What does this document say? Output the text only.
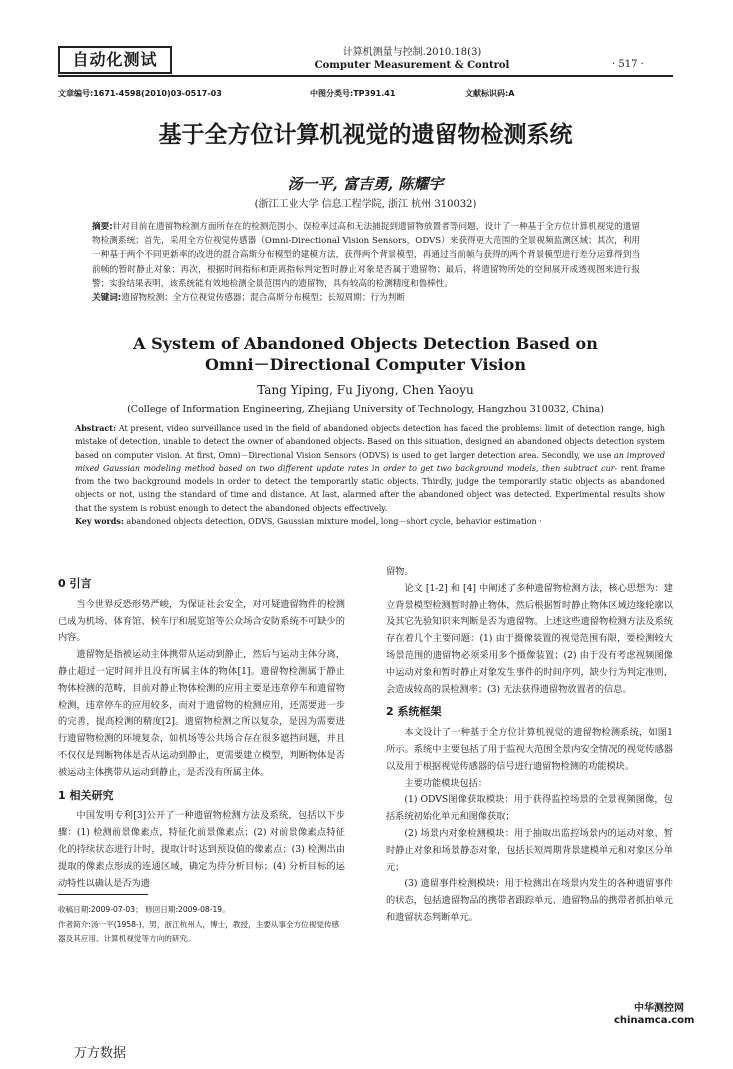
自动化测试	计算机测量与控制.2010.18(3)
Computer Measurement & Control	· 517 ·
文章编号:1671-4598(2010)03-0517-03	中图分类号:TP391.41	文献标识码:A
基于全方位计算机视觉的遗留物检测系统
汤一平, 富吉勇, 陈耀宇
(浙江工业大学 信息工程学院, 浙江 杭州 310032)
摘要:针对目前在遗留物检测方面所存在的检测范围小、误检率过高和无法捕捉到遗留物放置者等问题，设计了一种基于全方位计算机视觉的遗留物检测系统；首先，采用全方位视觉传感器（Omni-Directional Vision Sensors，ODVS）来获得更大范围的全景视频监测区域；其次，利用一种基于两个不同更新率的改进的混合高斯分布模型的建模方法，获得两个背景模型，再通过当前帧与获得的两个背景模型进行差分运算得到当前帧的暂时静止对象；再次，根据时间指标和距离指标判定暂时静止对象是否属于遗留物；最后，将遗留物所处的空间展开成透视图来进行报警；实验结果表明，该系统能有效地检测全景范围内的遗留物，具有较高的检测精度和鲁棒性。
关键词:遗留物检测；全方位视觉传感器；混合高斯分布模型；长短周期；行为判断
A System of Abandoned Objects Detection Based on
Omni－Directional Computer Vision
Tang Yiping, Fu Jiyong, Chen Yaoyu
(College of Information Engineering, Zhejiang University of Technology, Hangzhou 310032, China)
Abstract: At present, video surveillance used in the field of abandoned objects detection has faced the problems: limit of detection range, high mistake of detection, unable to detect the owner of abandoned objects. Based on this situation, designed an abandoned objects detection system based on computer vision. At first, Omni－Directional Vision Sensors (ODVS) is used to get larger detection area. Secondly, we use an improved mixed Gaussian modeling method based on two different update rates in order to get two background models, then subtract cur- rent frame from the two background models in order to detect the temporarily static objects. Thirdly, judge the temporarily static objects as abandoned objects or not, using the standard of time and distance. At last, alarmed after the abandoned object was detected. Experimental results show that the system is robust enough to detect the abandoned objects effectively.
Key words: abandoned objects detection, ODVS, Gaussian mixture model, long－short cycle, behavior estimation ·
0 引言

当今世界反恐形势严峻，为保证社会安全，对可疑遗留物件的检测已成为机场、体育馆、候车厅和展览馆等公众场合安防系统不可缺少的内容。

遗留物是指被运动主体携带从运动到静止，然后与运动主体分离，静止超过一定时间并且没有所属主体的物体[1]。遗留物检测属于静止物体检测的范畴，目前对静止物体检测的应用主要是违章停车和遗留物检测，违章停车的应用较多，而对于遗留物的检测应用，还需要进一步的完善，提高检测的精度[2]。遗留物检测之所以复杂，是因为需要进行遗留物检测的环境复杂，如机场等公共场合存在很多遮挡问题，并且不仅仅是判断物体是否从运动到静止，更需要建立模型，判断物体是否被运动主体携带从运动到静止，是否没有所属主体。

1 相关研究

中国发明专利[3]公开了一种遗留物检测方法及系统，包括以下步骤：(1) 检测前景像素点，特征化前景像素点；(2) 对前景像素点特征化的持续状态进行计时，提取计时达到预设值的像素点；(3) 检测出由提取的像素点形成的连通区域，确定为待分析目标；(4) 分析目标的运动特性以确认是否为遗

收稿日期:2009-07-03； 修回日期:2009-08-19。

作者简介:汤一平(1958-)，男，浙江杭州人，博士，教授，主要从事全方位视觉传感器及其应用、计算机视觉等方向的研究。

留物。

论文 [1-2] 和 [4] 中阐述了多种遗留物检测方法，核心思想为：建立背景模型检测暂时静止物体，然后根据暂时静止物体区域边缘轮廓以及其它先验知识来判断是否为遗留物。上述这些遗留物检测方法及系统存在着几个主要问题：(1) 由于摄像装置的视觉范围有限，要检测较大场景范围的遗留物必须采用多个摄像装置；(2) 由于没有考虑视频图像中运动对象和暂时静止对象发生事件的时间序列，缺少行为判定准则，会造成较高的误检测率；(3) 无法获得遗留物放置者的信息。

2 系统框架

本文设计了一种基于全方位计算机视觉的遗留物检测系统，如图1所示。系统中主要包括了用于监视大范围全景内安全情况的视觉传感器以及用于根据视觉传感器的信号进行遗留物检测的功能模块。

主要功能模块包括：

(1) ODVS图像获取模块：用于获得监控场景的全景视频图像，包括系统初始化单元和图像获取；

(2) 场景内对象检测模块：用于抽取出监控场景内的运动对象、暂时静止对象和场景静态对象，包括长短周期背景建模单元和对象区分单元；

(3) 遗留事件检测模块：用于检测出在场景内发生的各种遗留事件的状态，包括遗留物品的携带者跟踪单元、遗留物品的携带者抓拍单元和遗留状态判断单元。

中华测控网
chinamca.com
万方数据
